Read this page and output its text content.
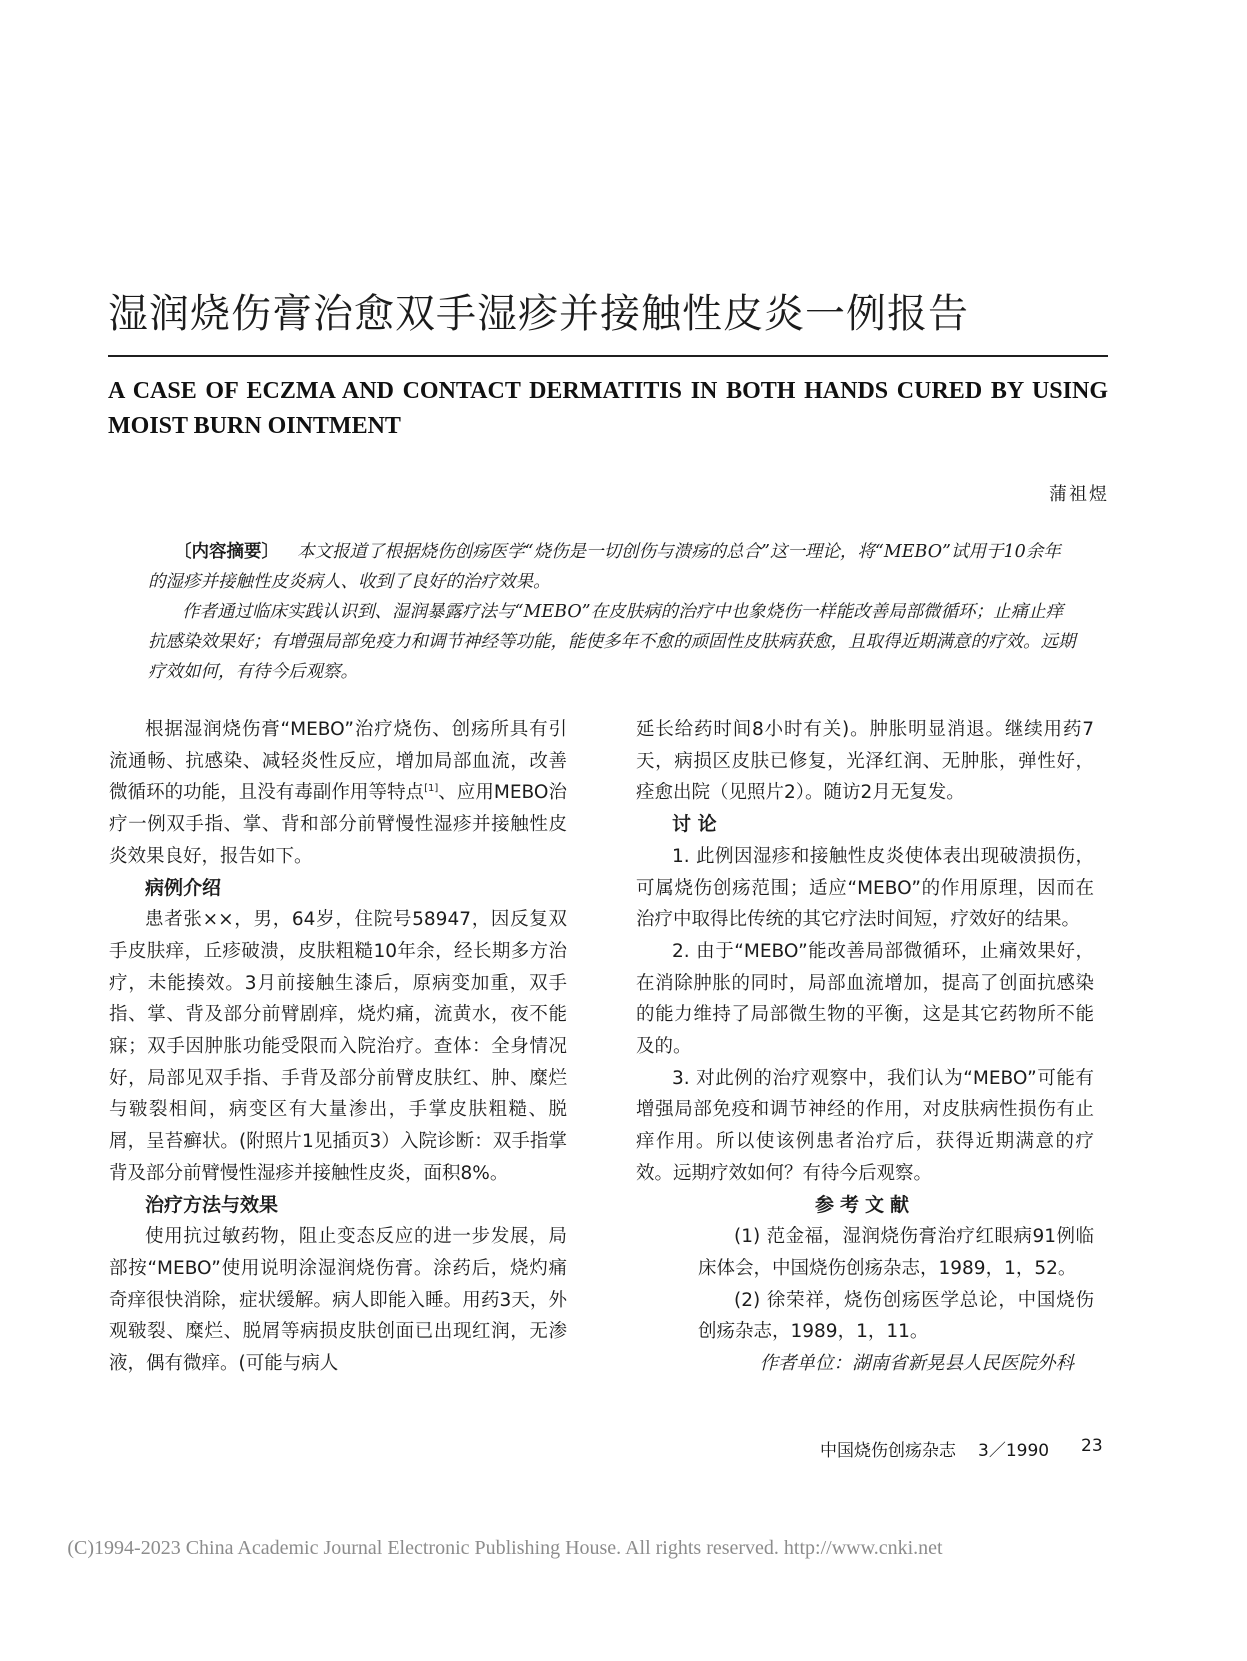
湿润烧伤膏治愈双手湿疹并接触性皮炎一例报告
A CASE OF ECZMA AND CONTACT DERMATITIS IN BOTH HANDS CURED BY USING MOIST BURN OINTMENT
蒲祖煜

〔内容摘要〕 本文报道了根据烧伤创疡医学“烧伤是一切创伤与溃疡的总合”这一理论，将“MEBO”试用于10余年的湿疹并接触性皮炎病人、收到了良好的治疗效果。

作者通过临床实践认识到、湿润暴露疗法与“MEBO”在皮肤病的治疗中也象烧伤一样能改善局部微循环；止痛止痒抗感染效果好；有增强局部免疫力和调节神经等功能，能使多年不愈的顽固性皮肤病获愈，且取得近期满意的疗效。远期疗效如何，有待今后观察。

根据湿润烧伤膏“MEBO”治疗烧伤、创疡所具有引流通畅、抗感染、减轻炎性反应，增加局部血流，改善微循环的功能，且没有毒副作用等特点[1]、应用MEBO治疗一例双手指、掌、背和部分前臂慢性湿疹并接触性皮炎效果良好，报告如下。

病例介绍

患者张××，男，64岁，住院号58947，因反复双手皮肤痒，丘疹破溃，皮肤粗糙10年余，经长期多方治疗，未能揍效。3月前接触生漆后，原病变加重，双手指、掌、背及部分前臂剧痒，烧灼痛，流黄水，夜不能寐；双手因肿胀功能受限而入院治疗。查体：全身情况好，局部见双手指、手背及部分前臂皮肤红、肿、糜烂与皲裂相间，病变区有大量渗出，手掌皮肤粗糙、脱屑，呈苔癣状。(附照片1见插页3）入院诊断：双手指掌背及部分前臂慢性湿疹并接触性皮炎，面积8%。

治疗方法与效果

使用抗过敏药物，阻止变态反应的进一步发展，局部按“MEBO”使用说明涂湿润烧伤膏。涂药后，烧灼痛奇痒很快消除，症状缓解。病人即能入睡。用药3天，外观皲裂、糜烂、脱屑等病损皮肤创面已出现红润，无渗液，偶有微痒。(可能与病人

延长给药时间8小时有关)。肿胀明显消退。继续用药7天，病损区皮肤已修复，光泽红润、无肿胀，弹性好，痊愈出院（见照片2）。随访2月无复发。

讨 论

1. 此例因湿疹和接触性皮炎使体表出现破溃损伤，可属烧伤创疡范围；适应“MEBO”的作用原理，因而在治疗中取得比传统的其它疗法时间短，疗效好的结果。

2. 由于“MEBO”能改善局部微循环，止痛效果好，在消除肿胀的同时，局部血流增加，提高了创面抗感染的能力维持了局部微生物的平衡，这是其它药物所不能及的。

3. 对此例的治疗观察中，我们认为“MEBO”可能有增强局部免疫和调节神经的作用，对皮肤病性损伤有止痒作用。所以使该例患者治疗后，获得近期满意的疗效。远期疗效如何？有待今后观察。

参考文献

(1) 范金福，湿润烧伤膏治疗红眼病91例临床体会，中国烧伤创疡杂志，1989，1，52。

(2) 徐荣祥，烧伤创疡医学总论，中国烧伤创疡杂志，1989，1，11。

作者单位：湖南省新晃县人民医院外科

中国烧伤创疡杂志 3／1990 23
(C)1994-2023 China Academic Journal Electronic Publishing House. All rights reserved. http://www.cnki.net
